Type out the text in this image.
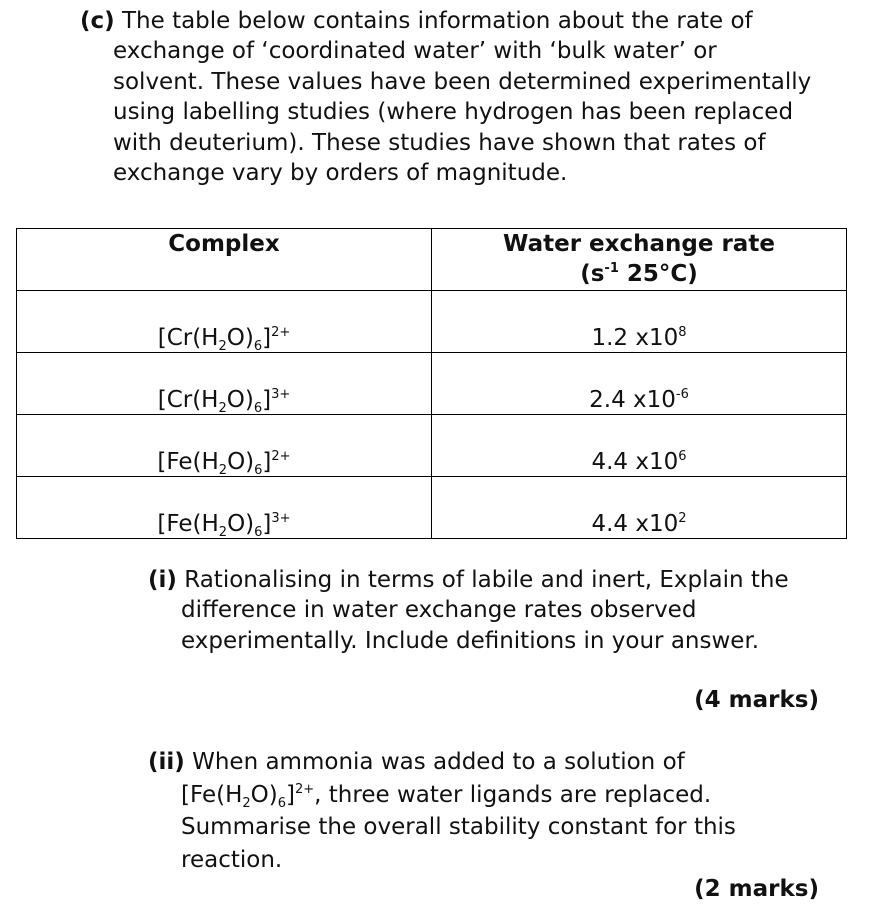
(c) The table below contains information about the rate of
exchange of ‘coordinated water’ with ‘bulk water’ or
solvent. These values have been determined experimentally
using labelling studies (where hydrogen has been replaced
with deuterium). These studies have shown that rates of
exchange vary by orders of magnitude.
Complex	Water exchange rate
($s^{-1}$ 25°C)
$[Cr(H_2O)_6]^{2+}$	1.2 $x10^8$
$[Cr(H_2O)_6]^{3+}$	2.4 $x10^{-6}$
$[Fe(H_2O)_6]^{2+}$	4.4 $x10^6$
$[Fe(H_2O)_6]^{3+}$	4.4 $x10^2$
(i) Rationalising in terms of labile and inert, Explain the
difference in water exchange rates observed
experimentally. Include definitions in your answer.

(4 marks)

(ii) When ammonia was added to a solution of
$[Fe(H_2O)_6]^{2+}$, three water ligands are replaced.
Summarise the overall stability constant for this
reaction.

(2 marks)
